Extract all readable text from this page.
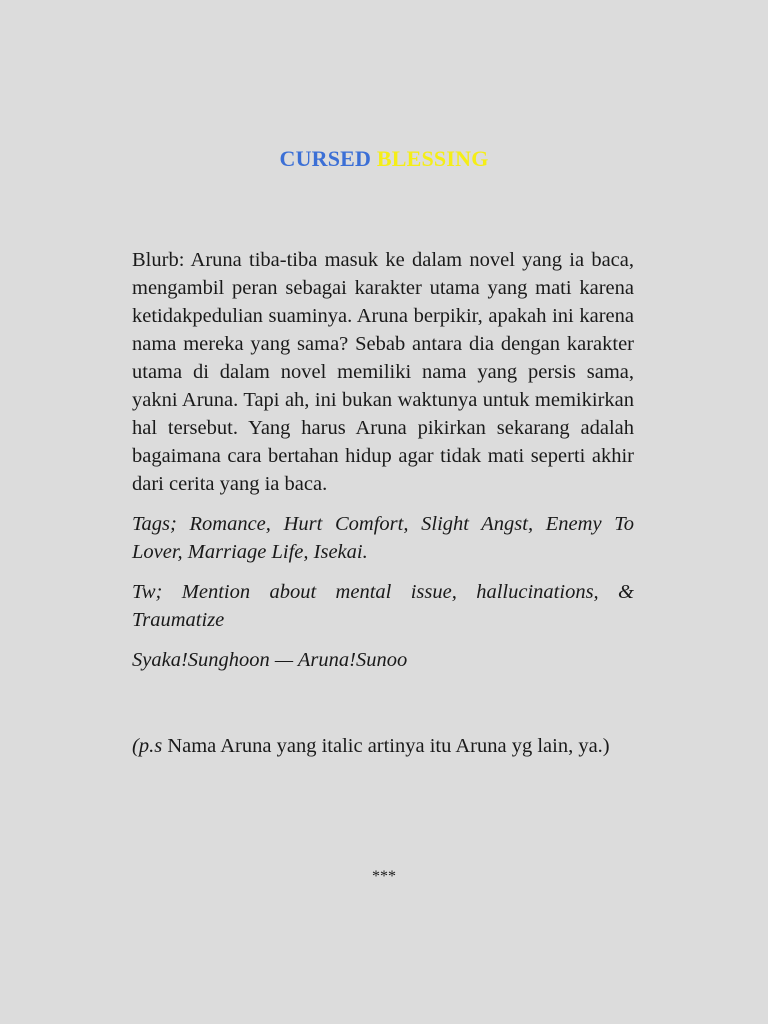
CURSED BLESSING

Blurb: Aruna tiba-tiba masuk ke dalam novel yang ia baca, mengambil peran sebagai karakter utama yang mati karena ketidakpedulian suaminya. Aruna berpikir, apakah ini karena nama mereka yang sama? Sebab antara dia dengan karakter utama di dalam novel memiliki nama yang persis sama, yakni Aruna. Tapi ah, ini bukan waktunya untuk memikirkan hal tersebut. Yang harus Aruna pikirkan sekarang adalah bagaimana cara bertahan hidup agar tidak mati seperti akhir dari cerita yang ia baca.

Tags; Romance, Hurt Comfort, Slight Angst, Enemy To Lover, Marriage Life, Isekai.

Tw; Mention about mental issue, hallucinations, & Traumatize

Syaka!Sunghoon — Aruna!Sunoo

(p.s Nama Aruna yang italic artinya itu Aruna yg lain, ya.)

***
